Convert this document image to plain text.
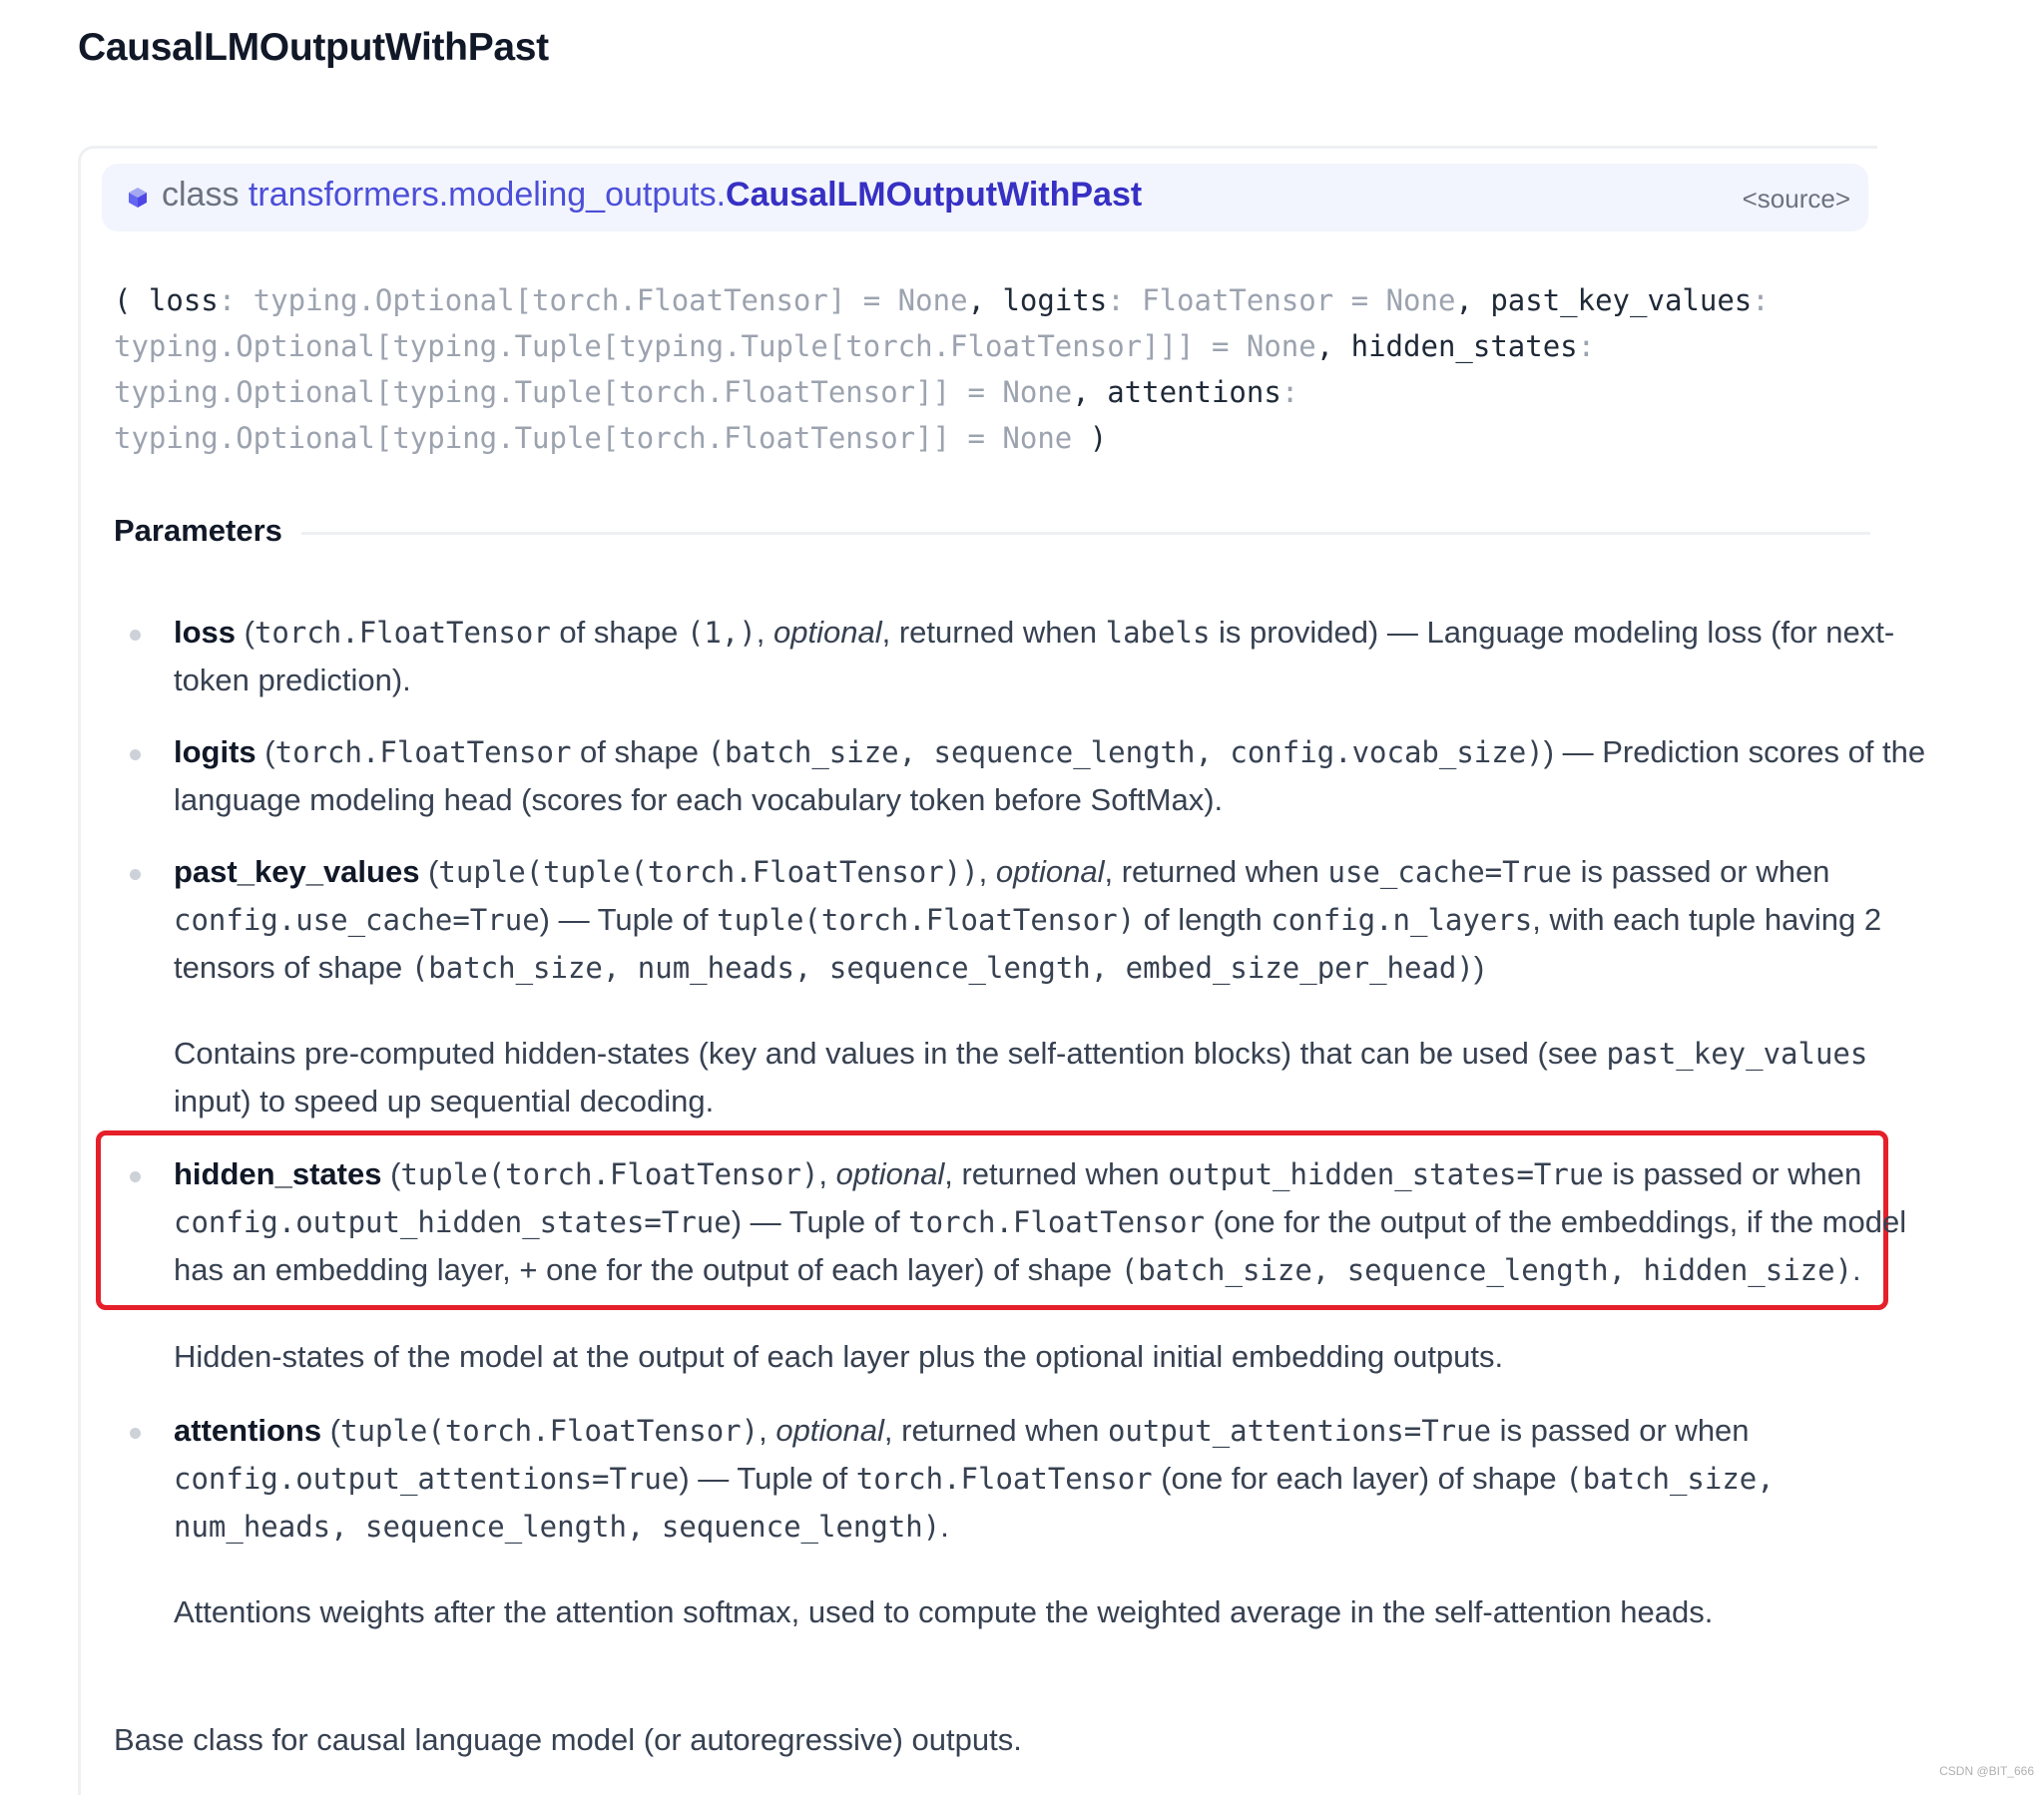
CausalLMOutputWithPast
class transformers.modeling_outputs.CausalLMOutputWithPast	<source>
( loss: typing.Optional[torch.FloatTensor] = None, logits: FloatTensor = None, past_key_values:
typing.Optional[typing.Tuple[typing.Tuple[torch.FloatTensor]]] = None, hidden_states:
typing.Optional[typing.Tuple[torch.FloatTensor]] = None, attentions:
typing.Optional[typing.Tuple[torch.FloatTensor]] = None )
Parameters
loss (torch.FloatTensor of shape (1,), optional, returned when labels is provided) — Language modeling loss (for next-
token prediction).
logits (torch.FloatTensor of shape (batch_size, sequence_length, config.vocab_size)) — Prediction scores of the
language modeling head (scores for each vocabulary token before SoftMax).
past_key_values (tuple(tuple(torch.FloatTensor)), optional, returned when use_cache=True is passed or when
config.use_cache=True) — Tuple of tuple(torch.FloatTensor) of length config.n_layers, with each tuple having 2
tensors of shape (batch_size, num_heads, sequence_length, embed_size_per_head))
Contains pre-computed hidden-states (key and values in the self-attention blocks) that can be used (see past_key_values
input) to speed up sequential decoding.
hidden_states (tuple(torch.FloatTensor), optional, returned when output_hidden_states=True is passed or when
config.output_hidden_states=True) — Tuple of torch.FloatTensor (one for the output of the embeddings, if the model
has an embedding layer, + one for the output of each layer) of shape (batch_size, sequence_length, hidden_size).
Hidden-states of the model at the output of each layer plus the optional initial embedding outputs.
attentions (tuple(torch.FloatTensor), optional, returned when output_attentions=True is passed or when
config.output_attentions=True) — Tuple of torch.FloatTensor (one for each layer) of shape (batch_size,
num_heads, sequence_length, sequence_length).
Attentions weights after the attention softmax, used to compute the weighted average in the self-attention heads.
Base class for causal language model (or autoregressive) outputs.
CSDN @BIT_666
